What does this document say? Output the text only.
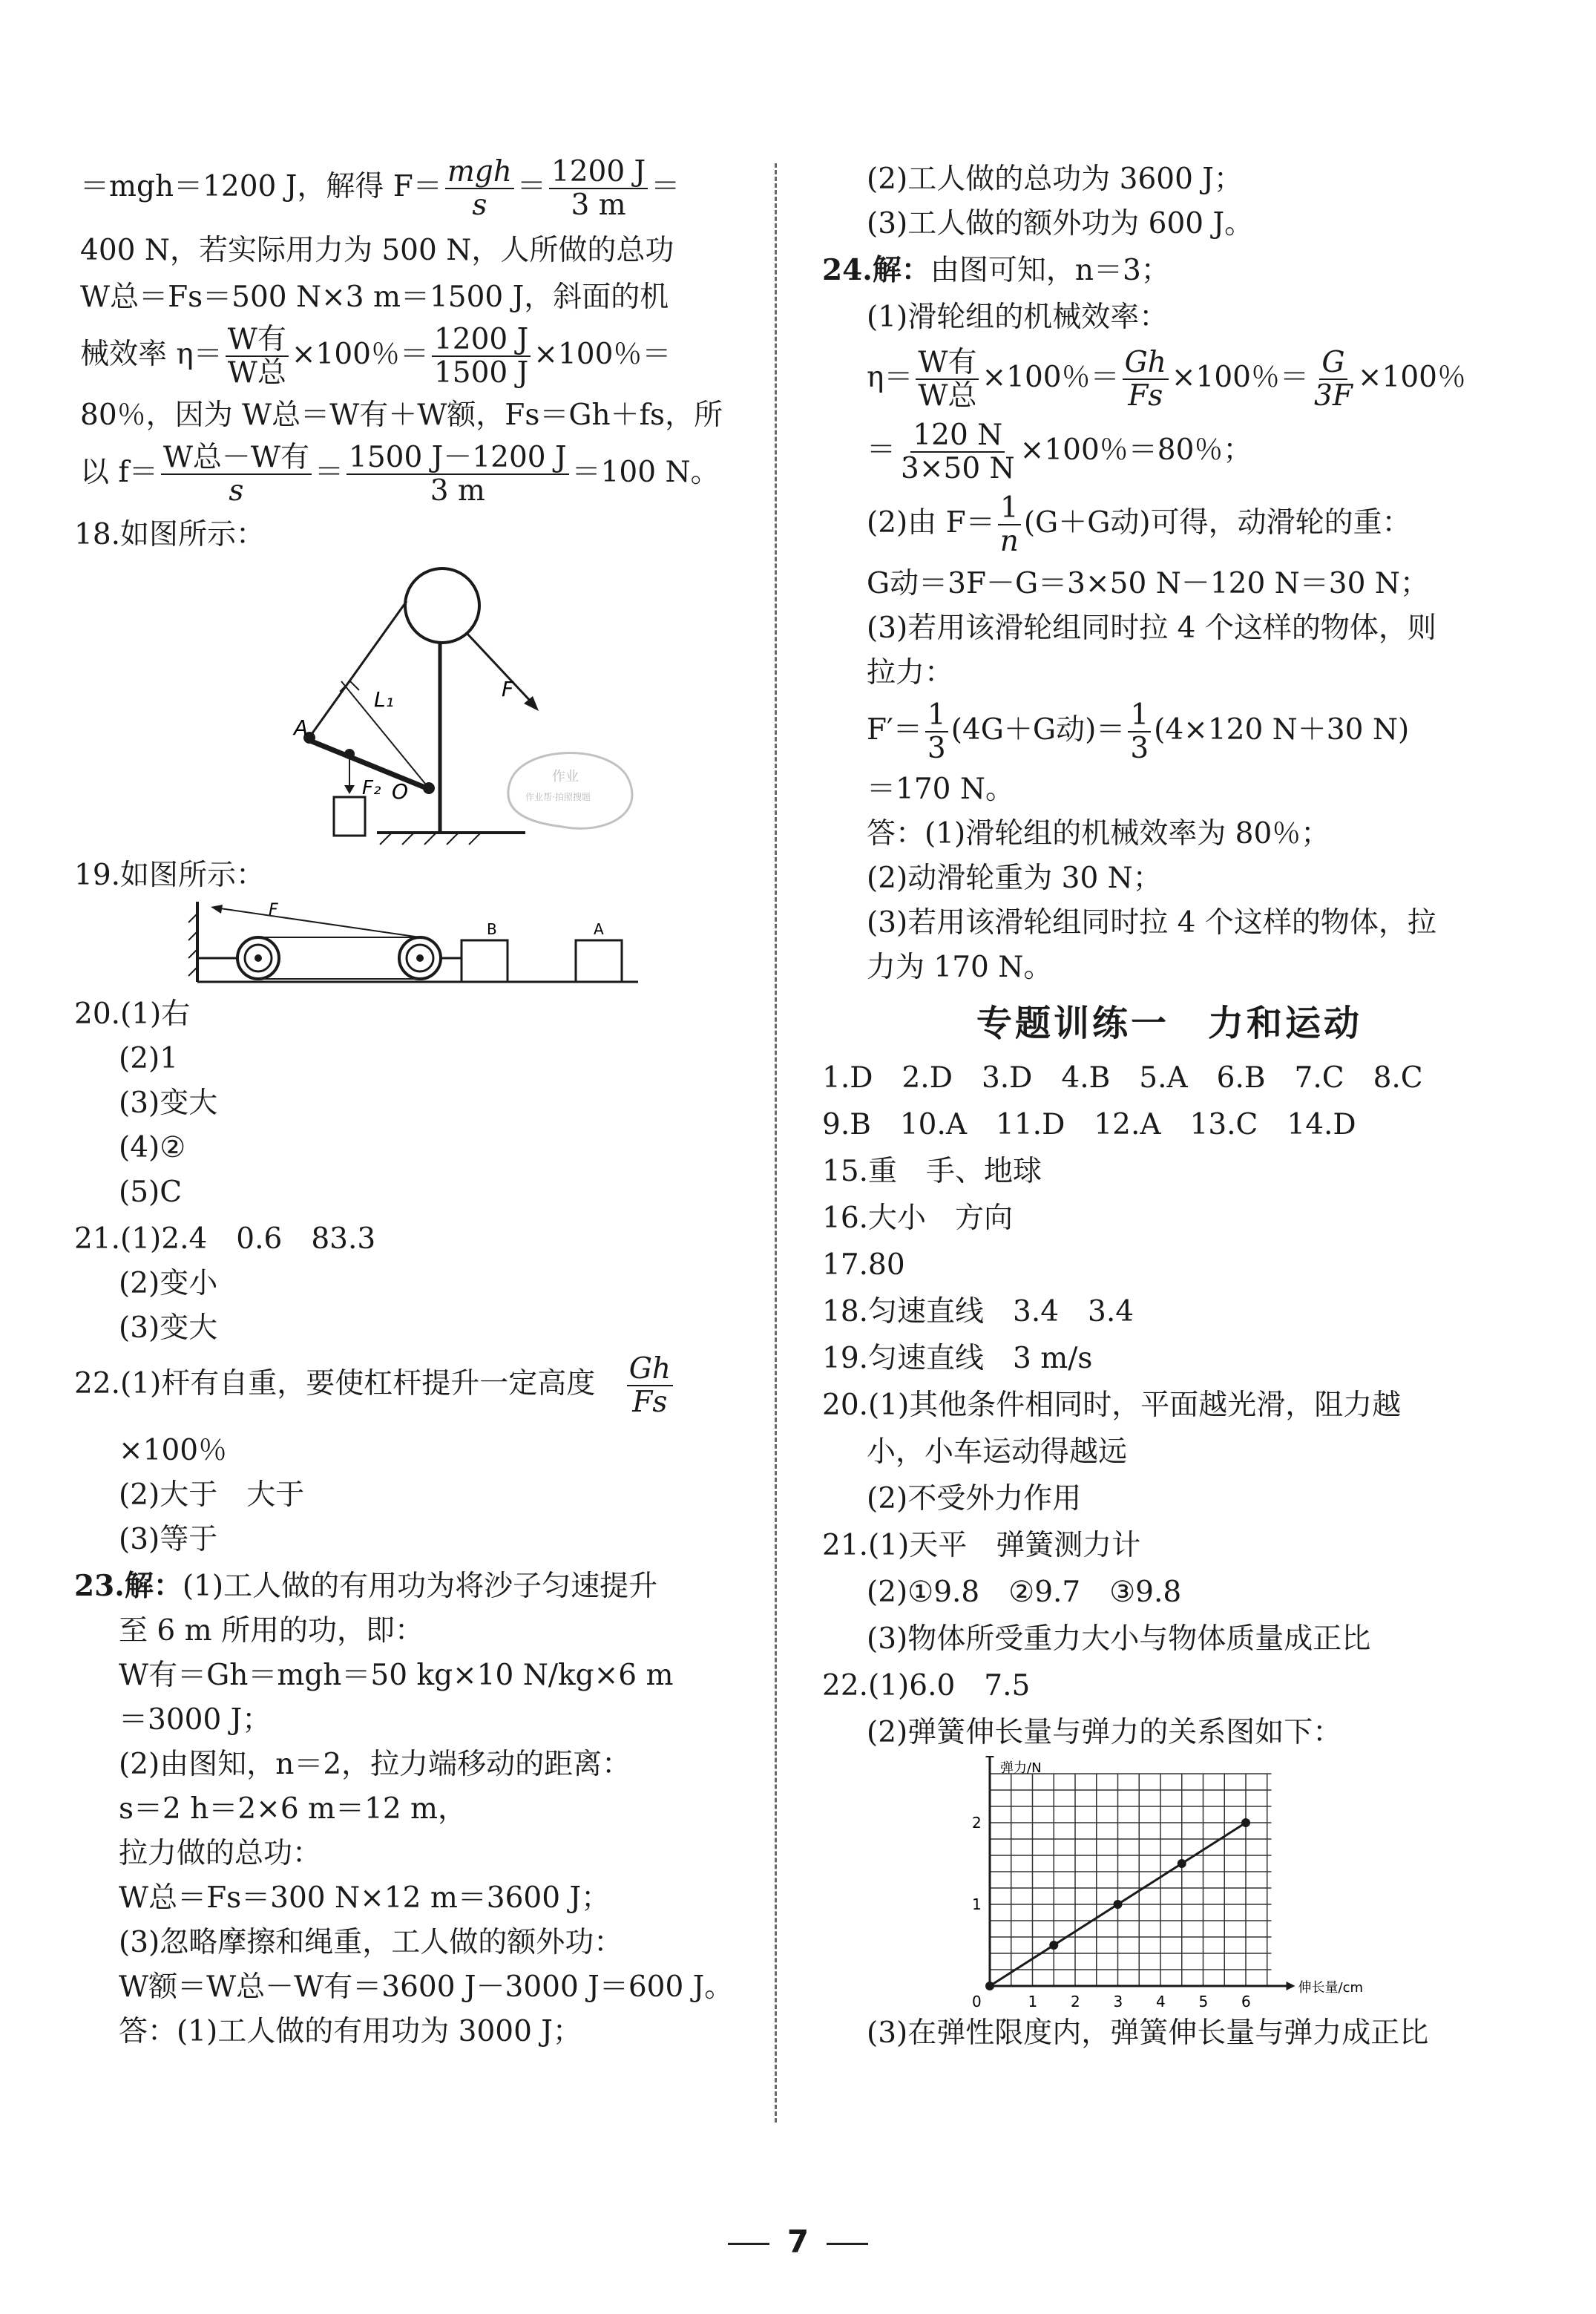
＝mgh＝1200 J，解得 $F= \frac{\text{mgh}}{s} = \frac{1200 J}{3 m}$ ＝
400 N，若实际用力为 500 N，人所做的总功
W总＝Fs＝500 N×3 m＝1500 J，斜面的机
械效率 $\eta= \frac{\text{W有}}{\text{W总}} \times 100$％＝ $\frac{1200 J}{1500 J} \times 100$％＝
80％，因为 W总＝W有＋W额，Fs＝Gh＋fs，所
以 $f= \frac{\text{W总－W有}}{s} = \frac{1500 J-1200 J}{3 m} =100$ N。
18.如图所示：
A
O
L₁	F
F₂
作业
作业帮·拍照搜题
19.如图所示：
F
B	A
20.(1)右
(2)1
(3)变大
(4)②
(5)C
21.(1)2.4　0.6　83.3
(2)变小
(3)变大
22.(1)杆有自重，要使杠杆提升一定高度 $\frac{Gh}{Fs}$
×100％
(2)大于　大于
(3)等于
23.解：(1)工人做的有用功为将沙子匀速提升
至 6 m 所用的功，即：
W有＝Gh＝mgh＝50 kg×10 N/kg×6 m
＝3000 J；
(2)由图知，n＝2，拉力端移动的距离：
s＝2 h＝2×6 m＝12 m，
拉力做的总功：
W总＝Fs＝300 N×12 m＝3600 J；
(3)忽略摩擦和绳重，工人做的额外功：
W额＝W总－W有＝3600 J－3000 J＝600 J。
答：(1)工人做的有用功为 3000 J；
(2)工人做的总功为 3600 J；
(3)工人做的额外功为 600 J。
24.解：由图可知，n＝3；
(1)滑轮组的机械效率：
$\eta= \frac{\text{W有}}{\text{W总}} \times 100$％＝ $\frac{Gh}{Fs} \times 100$％＝ $\frac{G}{3F} \times 100$％
＝ $\frac{120 N}{3\times 50 N} \times 100$％＝80％；
(2)由 $F= \frac{1}{n} (G+G$动)可得，动滑轮的重：
G动＝3F－G＝3×50 N－120 N＝30 N；
(3)若用该滑轮组同时拉 4 个这样的物体，则
拉力：
$F'= \frac{1}{3} (4G+G$动)＝ $\frac{1}{3} (4\times 120$ N＋30 N)
＝170 N。
答：(1)滑轮组的机械效率为 80％；
(2)动滑轮重为 30 N；
(3)若用该滑轮组同时拉 4 个这样的物体，拉
力为 170 N。
专题训练一　力和运动
1.D　2.D　3.D　4.B　5.A　6.B　7.C　8.C
9.B　10.A　11.D　12.A　13.C　14.D
15.重　手、地球
16.大小　方向
17.80
18.匀速直线　3.4　3.4
19.匀速直线　3 m/s
20.(1)其他条件相同时，平面越光滑，阻力越
小，小车运动得越远
(2)不受外力作用
21.(1)天平　弹簧测力计
(2)①9.8　②9.7　③9.8
(3)物体所受重力大小与物体质量成正比
22.(1)6.0　7.5
(2)弹簧伸长量与弹力的关系图如下：
1 2 3 4 5 6
1
2
0
弹力/N
伸长量/cm
(3)在弹性限度内，弹簧伸长量与弹力成正比
7
